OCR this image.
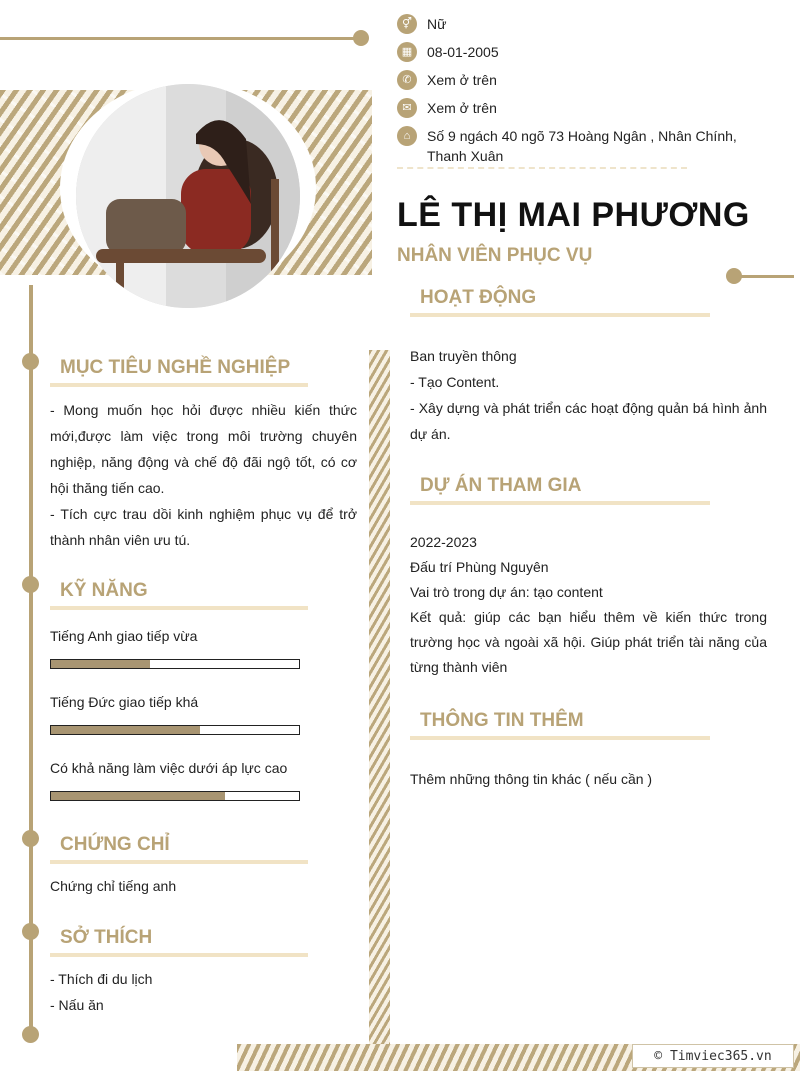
⚥	Nữ
▦	08-01-2005
✆	Xem ở trên
✉	Xem ở trên
⌂	Số 9 ngách 40 ngõ 73 Hoàng Ngân , Nhân Chính, Thanh Xuân
LÊ THỊ MAI PHƯƠNG
NHÂN VIÊN PHỤC VỤ
MỤC TIÊU NGHỀ NGHIỆP
- Mong muốn học hỏi được nhiều kiến thức mới,được làm việc trong môi trường chuyên nghiệp, năng động và chế độ đãi ngộ tốt, có cơ hội thăng tiến cao.
- Tích cực trau dồi kinh nghiệm phục vụ để trở thành nhân viên ưu tú.
KỸ NĂNG
Tiếng Anh giao tiếp vừa
Tiếng Đức giao tiếp khá
Có khả năng làm việc dưới áp lực cao
CHỨNG CHỈ
Chứng chỉ tiếng anh
SỞ THÍCH
- Thích đi du lịch
- Nấu ăn
HOẠT ĐỘNG
Ban truyền thông
- Tạo Content.
- Xây dựng và phát triển các hoạt động quản bá hình ảnh dự án.
DỰ ÁN THAM GIA
2022-2023
Đấu trí Phùng Nguyên
Vai trò trong dự án: tạo content
Kết quả: giúp các bạn hiểu thêm về kiến thức trong trường học và ngoài xã hội. Giúp phát triển tài năng của từng thành viên
THÔNG TIN THÊM
Thêm những thông tin khác ( nếu cần )
© Timviec365.vn
